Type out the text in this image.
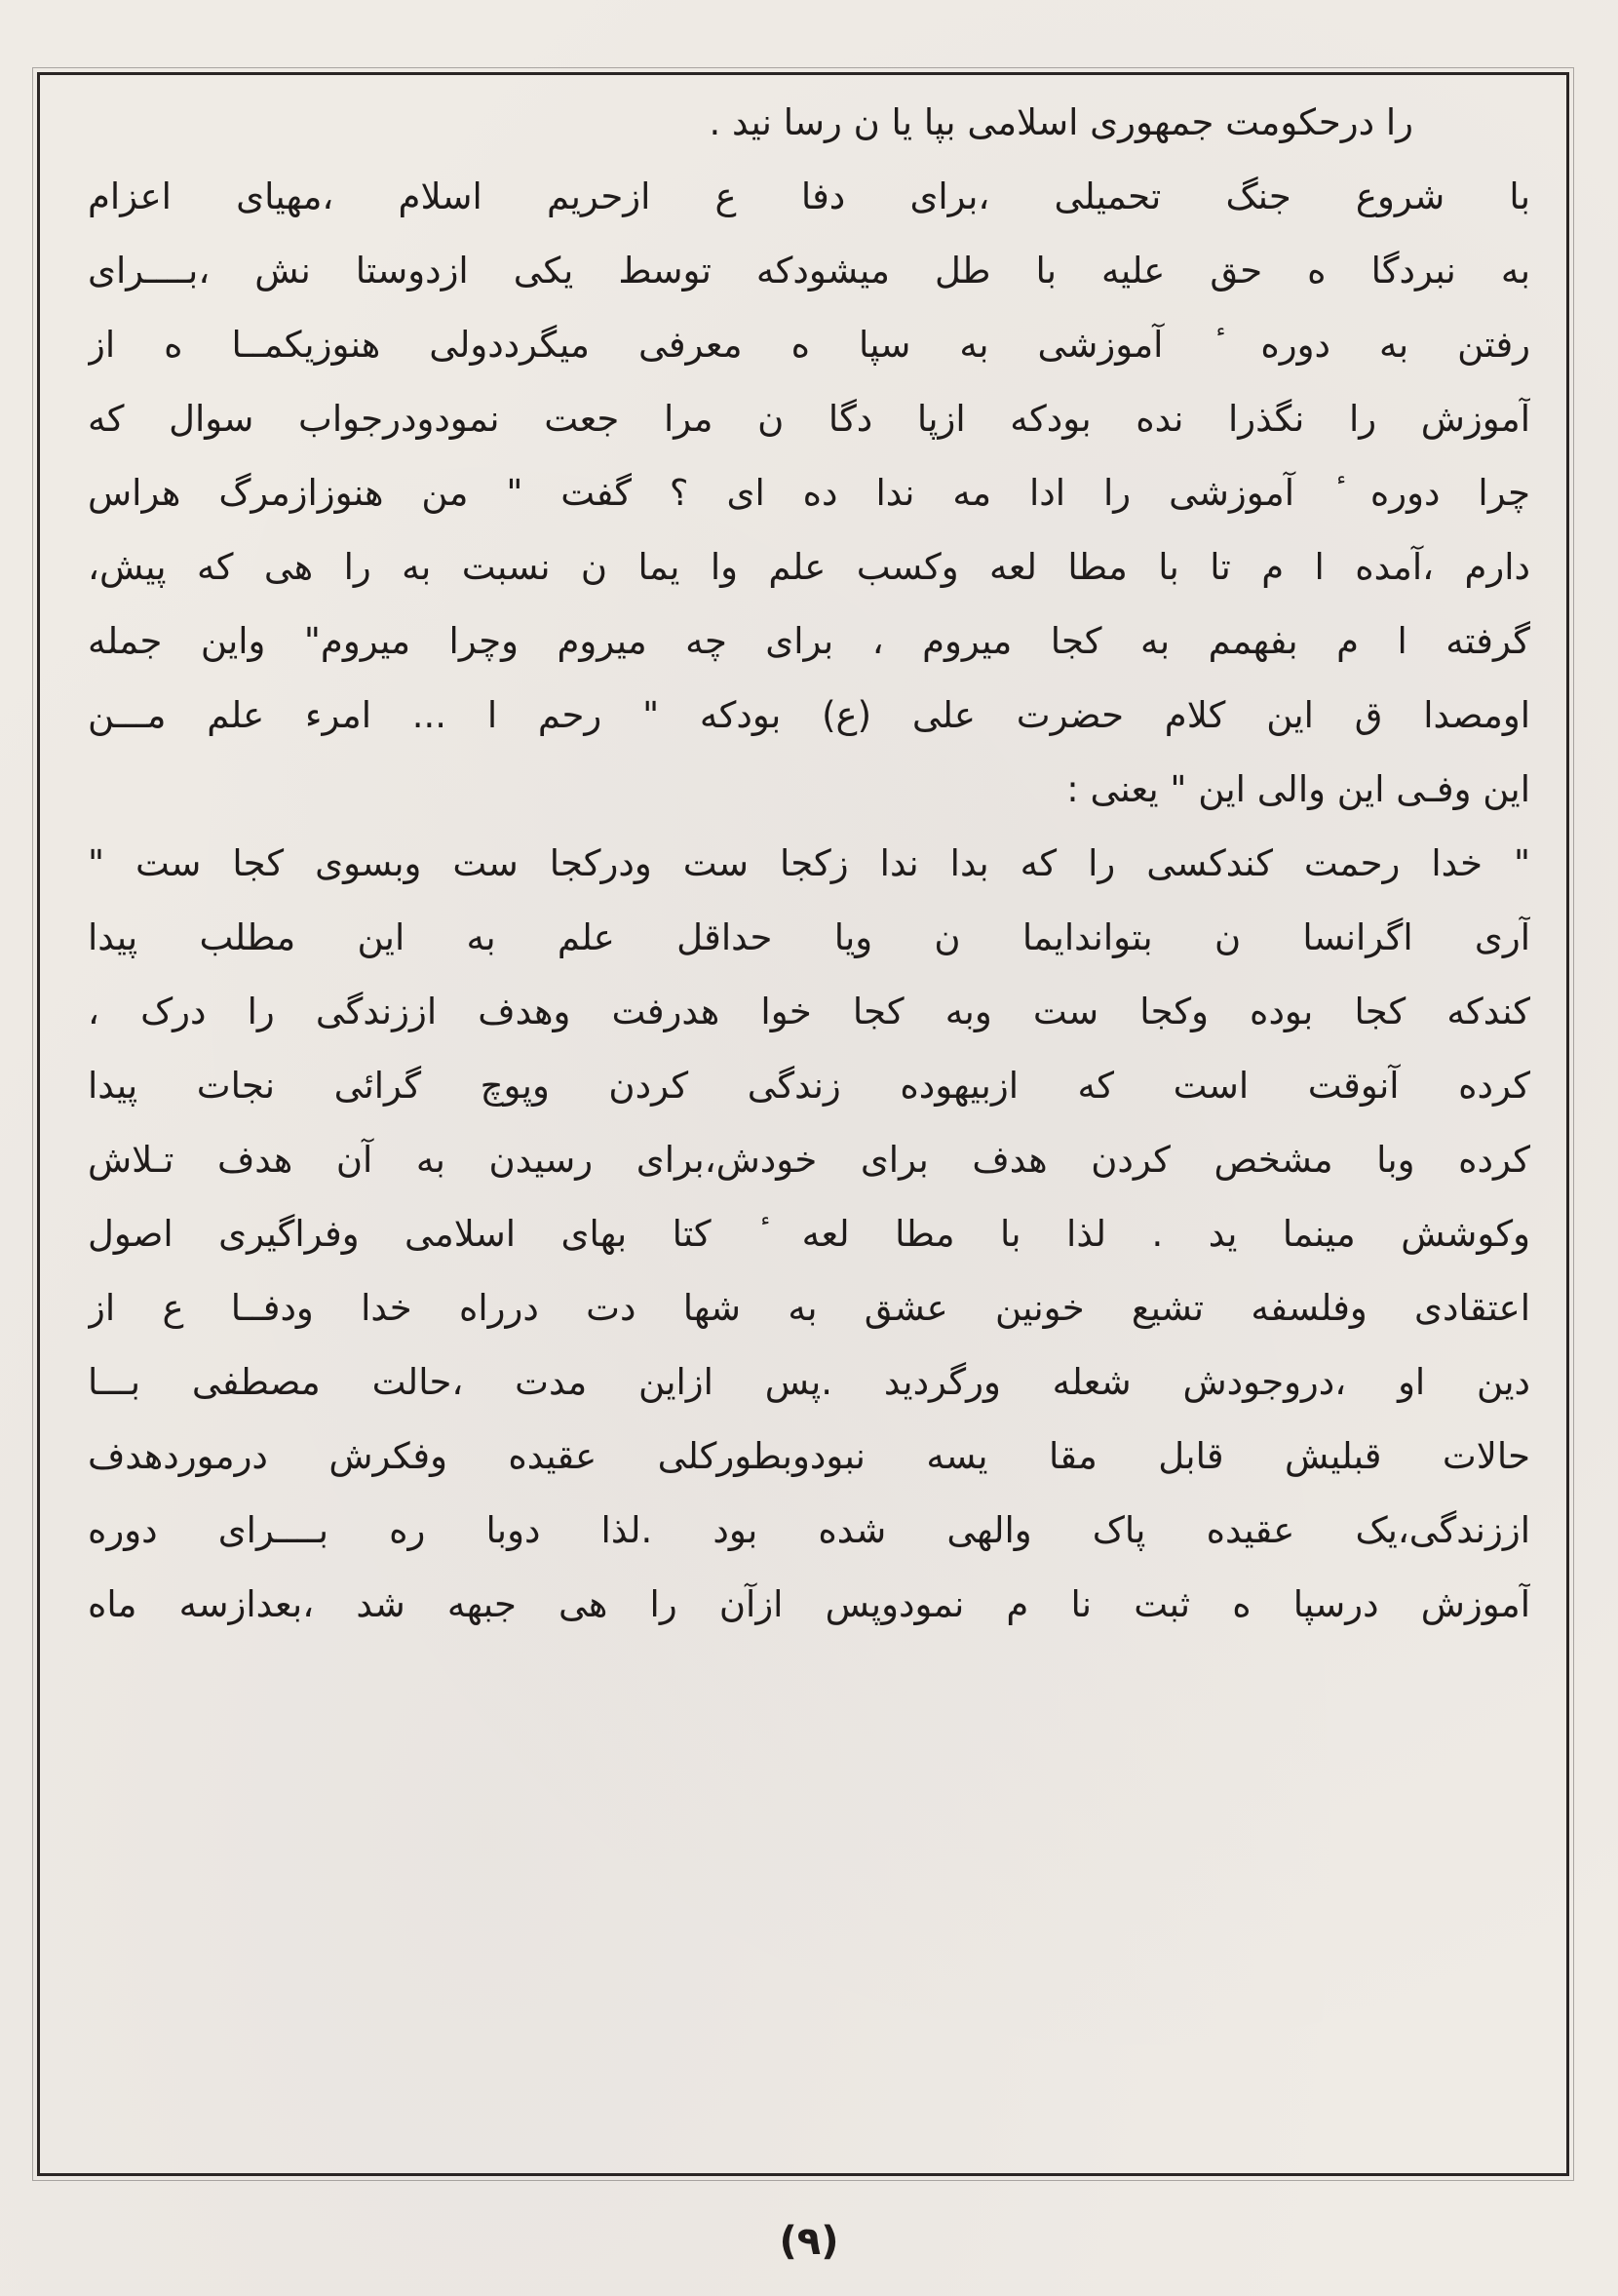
را درحکومت جمهوری اسلامی بپا یا ن رسا نید .
با شروع جنگ تحمیلی ،برای دفا ع ازحریم اسلام ،مهیای اعزام
به نبردگا ه حق علیه با طل میشودکه توسط یکی ازدوستا نش ،بــــرای
رفتن به دوره ٔ آموزشی به سپا ه معرفی میگرددولی هنوزیکمــا ه از
آموزش را نگذرا نده بودکه ازپا دگا ن مرا جعت نمودودرجواب سوال که
چرا دوره ٔ آموزشی را ادا مه ندا ده ای ؟ گفت " من هنوزازمرگ هراس
دارم ،آمده ا م تا با مطا لعه وکسب علم وا یما ن نسبت به را هی که پیش،
گرفته ا م بفهمم به کجا میروم ، برای چه میروم وچرا میروم" واین جمله
اومصدا ق این کلام حضرت علی (ع) بودکه " رحم ا ... امرء علم مـــن
این وفـی این والی این " یعنی :
" خدا رحمت کندکسی را که بدا ندا زکجا ست ودرکجا ست وبسوی کجا ست "
آری اگرانسا ن بتواندایما ن ویا حداقل علم به این مطلب پیدا
کندکه کجا بوده وکجا ست وبه کجا خوا هدرفت وهدف اززندگی را درک ،
کرده آنوقت است که ازبیهوده زندگی کردن وپوچ گرائی نجات پیدا
کرده وبا مشخص کردن هدف برای خودش،برای رسیدن به آن هدف تـلاش
وکوشش مینما ید . لذا با مطا لعه ٔ کتا بهای اسلامی وفراگیری اصول
اعتقادی وفلسفه تشیع خونین عشق به شها دت درراه خدا ودفــا ع از
دین او ،دروجودش شعله ورگردید .پس ازاین مدت ،حالت مصطفی بـــا
حالات قبلیش قابل مقا یسه نبودوبطورکلی عقیده وفکرش درموردهدف
اززندگی،یک عقیده پاک والهی شده بود .لذا دوبا ره بــــرای دوره
آموزش درسپا ه ثبت نا م نمودوپس ازآن را هی جبهه شد ،بعدازسه ماه
(۹)
